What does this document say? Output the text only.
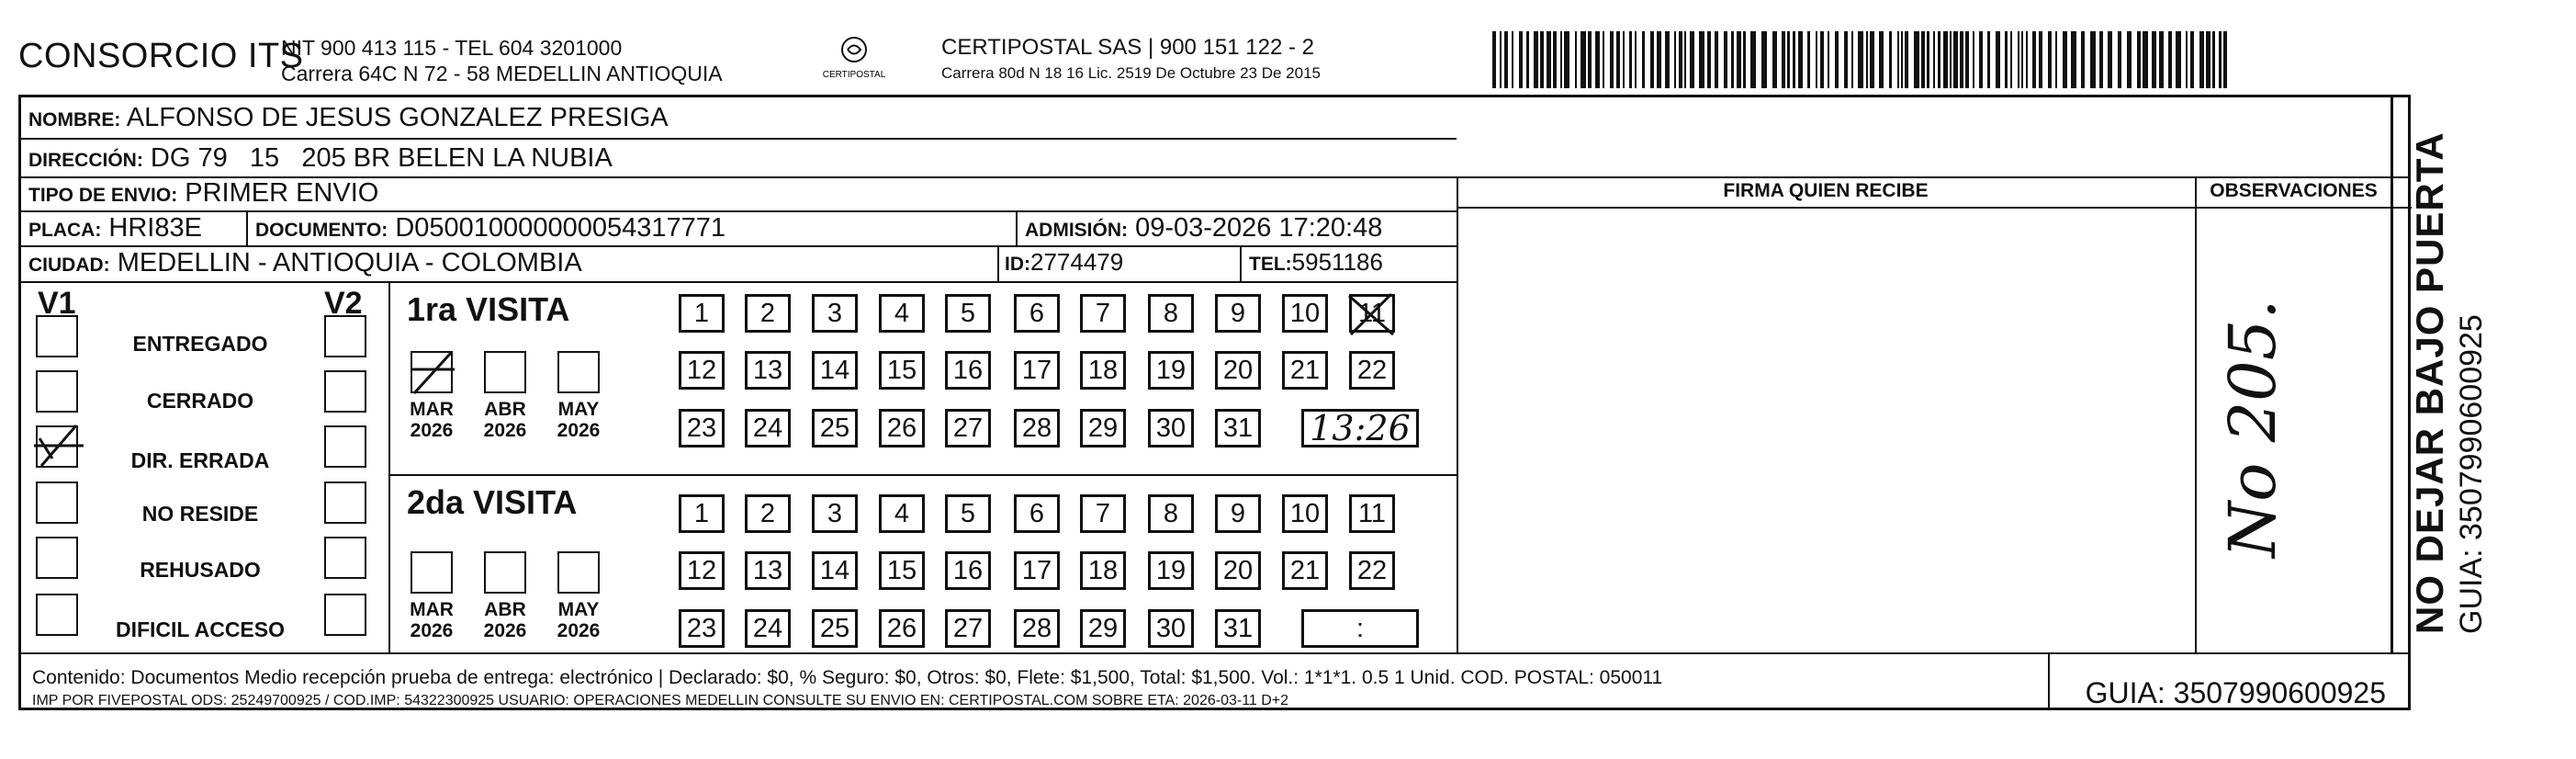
CONSORCIO ITS
NIT 900 413 115 - TEL 604 3201000
Carrera 64C N 72 - 58 MEDELLIN ANTIOQUIA	CERTIPOSTAL
CERTIPOSTAL SAS | 900 151 122 - 2
Carrera 80d N 18 16 Lic. 2519 De Octubre 23 De 2015
NOMBRE: ALFONSO DE JESUS GONZALEZ PRESIGA
DIRECCIÓN: DG 79   15   205 BR BELEN LA NUBIA
TIPO DE ENVIO: PRIMER ENVIO
PLACA: HRI83E	DOCUMENTO: D050010000000054317771	ADMISIÓN: 09-03-2026 17:20:48
CIUDAD: MEDELLIN - ANTIOQUIA - COLOMBIA	ID:2774479	TEL:5951186
FIRMA QUIEN RECIBE	OBSERVACIONES
V1	V2
ENTREGADO
CERRADO
DIR. ERRADA
NO RESIDE
REHUSADO
DIFICIL ACCESO
1ra VISITA
2da VISITA
MAR
2026
ABR
2026
MAY
2026
1	2	3	4	5	6	7	8	9	10	11
12	13	14	15	16	17	18	19	20	21	22
23	24	25	26	27	28	29	30	31 13:26
MAR
2026
ABR
2026
MAY
2026
1	2	3	4	5	6	7	8	9	10	11
12	13	14	15	16	17	18	19	20	21	22
23	24	25	26	27	28	29	30	31	:
Contenido: Documentos Medio recepción prueba de entrega: electrónico | Declarado: $0, % Seguro: $0, Otros: $0, Flete: $1,500, Total: $1,500. Vol.: 1*1*1. 0.5 1 Unid. COD. POSTAL: 050011
IMP POR FIVEPOSTAL ODS: 25249700925 / COD.IMP: 54322300925 USUARIO: OPERACIONES MEDELLIN CONSULTE SU ENVIO EN: CERTIPOSTAL.COM SOBRE ETA: 2026-03-11 D+2	GUIA: 3507990600925
No 205.	NO DEJAR BAJO PUERTA GUIA: 3507990600925
